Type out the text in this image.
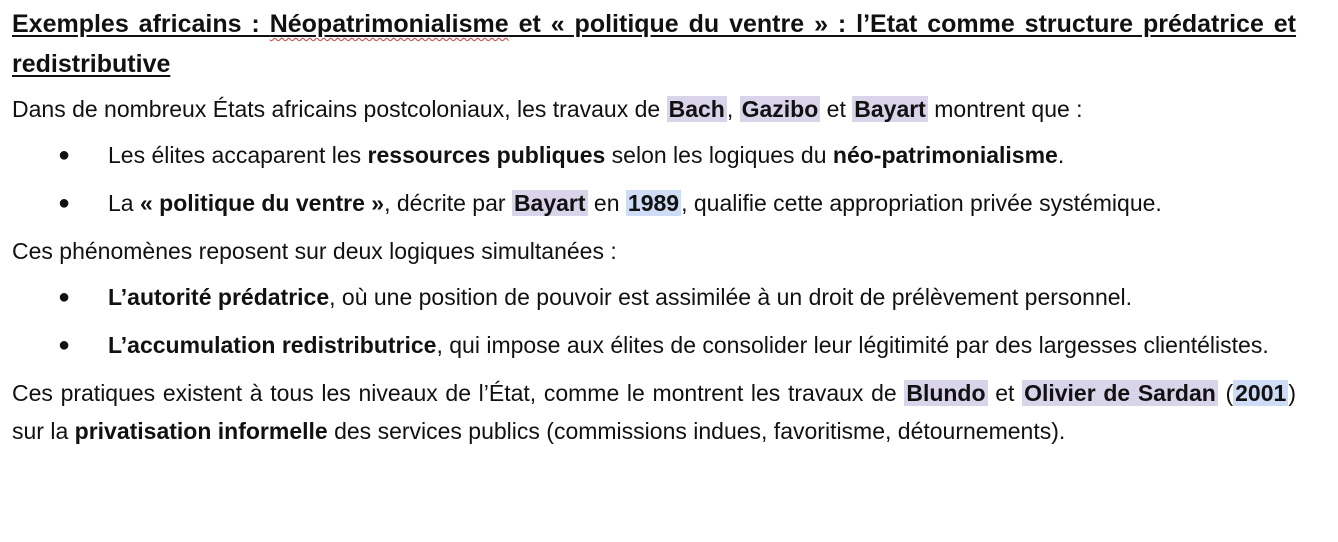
Exemples africains : Néopatrimonialisme et « politique du ventre » : l’Etat comme structure prédatrice et redistributive

Dans de nombreux États africains postcoloniaux, les travaux de Bach, Gazibo et Bayart montrent que :

● Les élites accaparent les ressources publiques selon les logiques du néo-patrimonialisme.
● La « politique du ventre », décrite par Bayart en 1989, qualifie cette appropriation privée systémique.

Ces phénomènes reposent sur deux logiques simultanées :

● L’autorité prédatrice, où une position de pouvoir est assimilée à un droit de prélèvement personnel.
● L’accumulation redistributrice, qui impose aux élites de consolider leur légitimité par des largesses clientélistes.

Ces pratiques existent à tous les niveaux de l’État, comme le montrent les travaux de Blundo et Olivier de Sardan (2001) sur la privatisation informelle des services publics (commissions indues, favoritisme, détournements).
